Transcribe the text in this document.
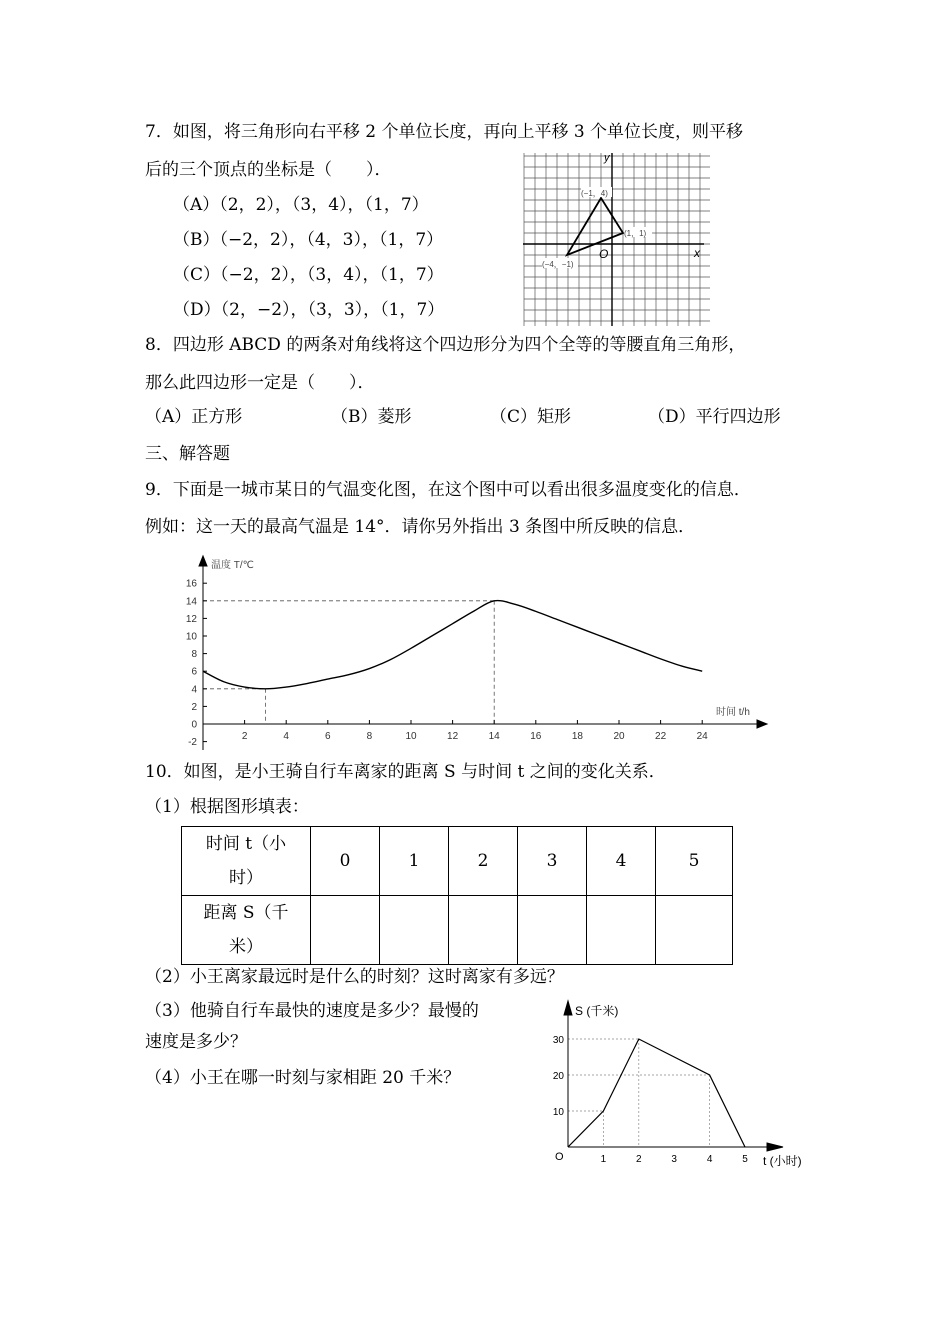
7．如图，将三角形向右平移 2 个单位长度，再向上平移 3 个单位长度，则平移
后的三个顶点的坐标是（　　）．
（A）（2，2），（3，4），（1，7）
（B）（−2，2），（4，3），（1，7）
（C）（−2，2），（3，4），（1，7）
（D）（2，−2），（3，3），（1，7）
x
y
O
(−1，4)
(1，1)
(−4，−1)
8．四边形 ABCD 的两条对角线将这个四边形分为四个全等的等腰直角三角形，
那么此四边形一定是（　　）．
（A）正方形	（B）菱形	（C）矩形	（D）平行四边形
三、解答题
9．下面是一城市某日的气温变化图，在这个图中可以看出很多温度变化的信息．
例如：这一天的最高气温是 14°．请你另外指出 3 条图中所反映的信息．
2	4	6	8	10	12	14	16	18	20	22	24
-2
0
2
4
6
8
10
12
14
16
温度 T/℃
时间 t/h
10．如图，是小王骑自行车离家的距离 S 与时间 t 之间的变化关系．
（1）根据图形填表：
时间 t（小
时）	0	1	2	3	4	5
距离 S（千
米）						
（2）小王离家最远时是什么的时刻？这时离家有多远？
（3）他骑自行车最快的速度是多少？最慢的
速度是多少？
（4）小王在哪一时刻与家相距 20 千米？
1	2	3	4	5
10
20
30
S (千米)
t (小时)
O
